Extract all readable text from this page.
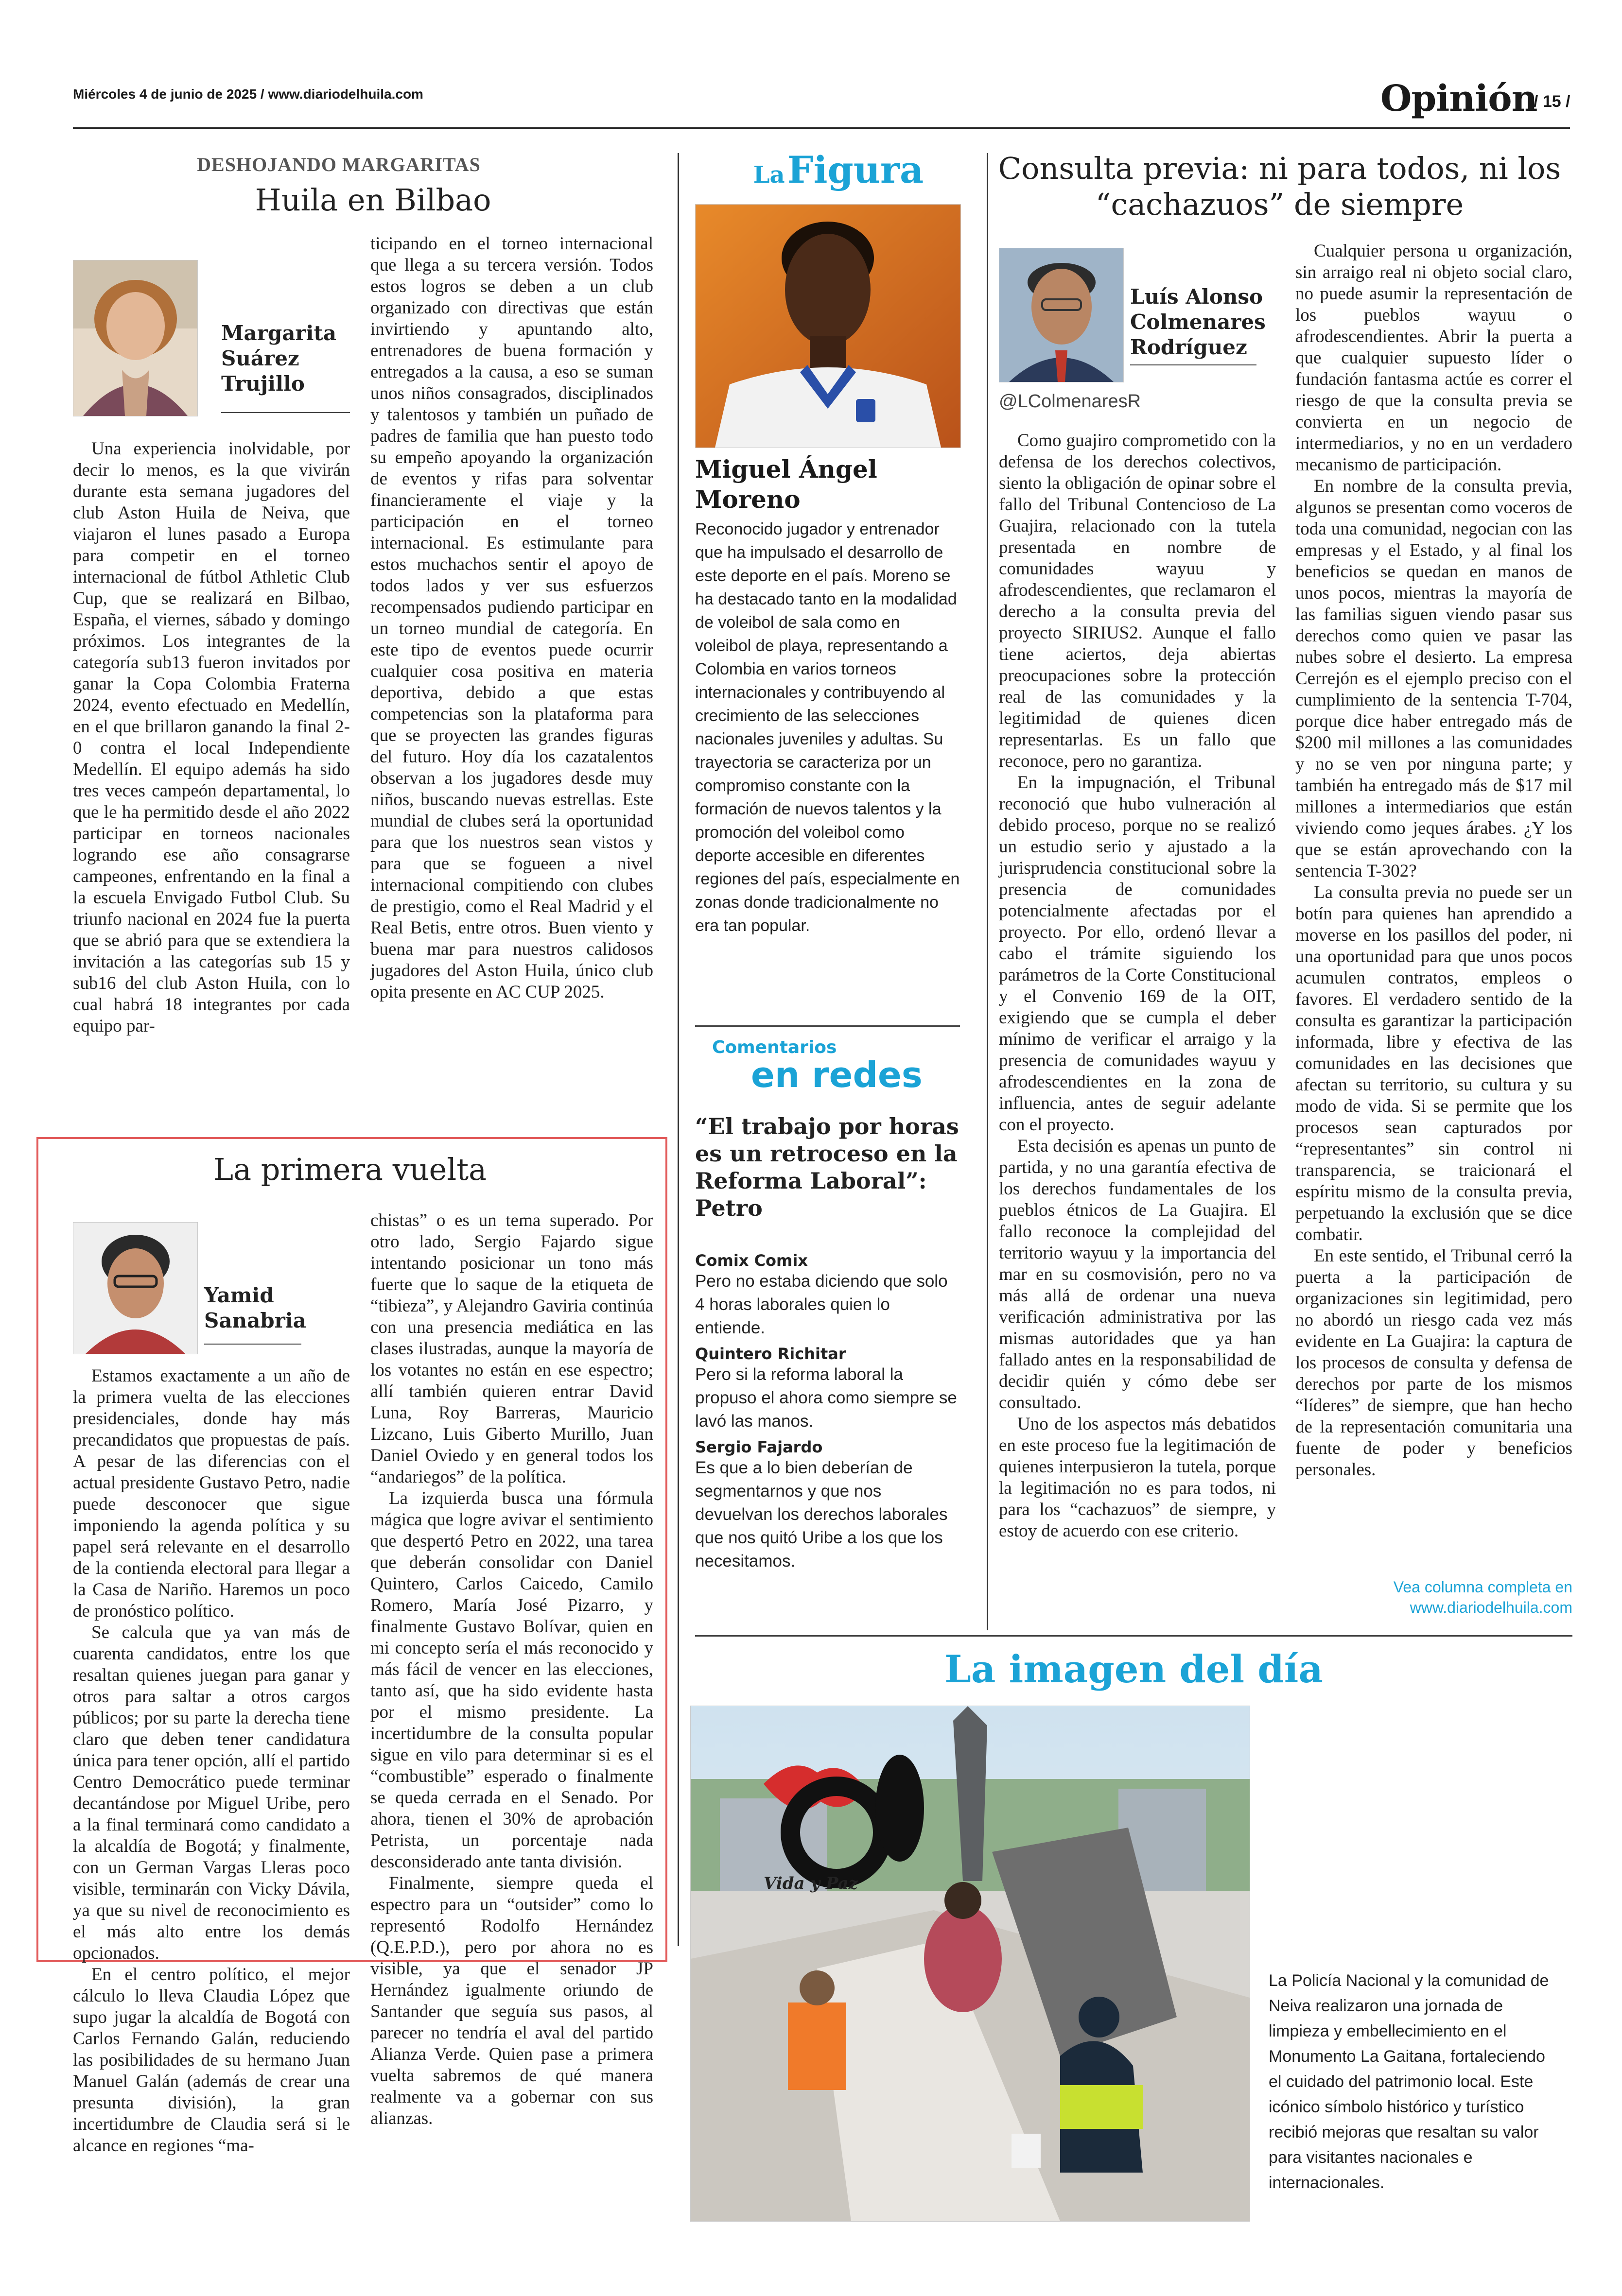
Miércoles 4 de junio de 2025 / www.diariodelhuila.com	Opinión
/ 15 /
DESHOJANDO MARGARITAS
Huila en Bilbao
Margarita
Suárez
Trujillo

Una experiencia inolvidable, por decir lo menos, es la que vivirán durante esta semana jugadores del club Aston Huila de Neiva, que viajaron el lunes pasado a Europa para competir en el torneo internacional de fútbol Athletic Club Cup, que se realizará en Bilbao, España, el viernes, sábado y domingo próximos. Los integrantes de la categoría sub13 fueron invitados por ganar la Copa Colombia Fraterna 2024, evento efectuado en Medellín, en el que brillaron ganando la final 2-0 contra el local Independiente Medellín. El equipo además ha sido tres veces campeón departamental, lo que le ha permitido desde el año 2022 participar en torneos nacionales logrando ese año consagrarse campeones, enfrentando en la final a la escuela Envigado Futbol Club. Su triunfo nacional en 2024 fue la puerta que se abrió para que se extendiera la invitación a las categorías sub 15 y sub16 del club Aston Huila, con lo cual habrá 18 integrantes por cada equipo par-

ticipando en el torneo internacional que llega a su tercera versión. Todos estos logros se deben a un club organizado con directivas que están invirtiendo y apuntando alto, entrenadores de buena formación y entregados a la causa, a eso se suman unos niños consagrados, disciplinados y talentosos y también un puñado de padres de familia que han puesto todo su empeño apoyando la organización de eventos y rifas para solventar financieramente el viaje y la participación en el torneo internacional. Es estimulante para estos muchachos sentir el apoyo de todos lados y ver sus esfuerzos recompensados pudiendo participar en un torneo mundial de categoría. En este tipo de eventos puede ocurrir cualquier cosa positiva en materia deportiva, debido a que estas competencias son la plataforma para que se proyecten las grandes figuras del futuro. Hoy día los cazatalentos observan a los jugadores desde muy niños, buscando nuevas estrellas. Este mundial de clubes será la oportunidad para que los nuestros sean vistos y para que se fogueen a nivel internacional compitiendo con clubes de prestigio, como el Real Madrid y el Real Betis, entre otros. Buen viento y buena mar para nuestros calidosos jugadores del Aston Huila, único club opita presente en AC CUP 2025.

La primera vuelta
Yamid
Sanabria

Estamos exactamente a un año de la primera vuelta de las elecciones presidenciales, donde hay más precandidatos que propuestas de país. A pesar de las diferencias con el actual presidente Gustavo Petro, nadie puede desconocer que sigue imponiendo la agenda política y su papel será relevante en el desarrollo de la contienda electoral para llegar a la Casa de Nariño. Haremos un poco de pronóstico político.

Se calcula que ya van más de cuarenta candidatos, entre los que resaltan quienes juegan para ganar y otros para saltar a otros cargos públicos; por su parte la derecha tiene claro que deben tener candidatura única para tener opción, allí el partido Centro Democrático puede terminar decantándose por Miguel Uribe, pero a la final terminará como candidato a la alcaldía de Bogotá; y finalmente, con un German Vargas Lleras poco visible, terminarán con Vicky Dávila, ya que su nivel de reconocimiento es el más alto entre los demás opcionados.

En el centro político, el mejor cálculo lo lleva Claudia López que supo jugar la alcaldía de Bogotá con Carlos Fernando Galán, reduciendo las posibilidades de su hermano Juan Manuel Galán (además de crear una presunta división), la gran incertidumbre de Claudia será si le alcance en regiones “ma-

chistas” o es un tema superado. Por otro lado, Sergio Fajardo sigue intentando posicionar un tono más fuerte que lo saque de la etiqueta de “tibieza”, y Alejandro Gaviria continúa con una presencia mediática en las clases ilustradas, aunque la mayoría de los votantes no están en ese espectro; allí también quieren entrar David Luna, Roy Barreras, Mauricio Lizcano, Luis Giberto Murillo, Juan Daniel Oviedo y en general todos los “andariegos” de la política.

La izquierda busca una fórmula mágica que logre avivar el sentimiento que despertó Petro en 2022, una tarea que deberán consolidar con Daniel Quintero, Carlos Caicedo, Camilo Romero, María José Pizarro, y finalmente Gustavo Bolívar, quien en mi concepto sería el más reconocido y más fácil de vencer en las elecciones, tanto así, que ha sido evidente hasta por el mismo presidente. La incertidumbre de la consulta popular sigue en vilo para determinar si es el “combustible” esperado o finalmente se queda cerrada en el Senado. Por ahora, tienen el 30% de aprobación Petrista, un porcentaje nada desconsiderado ante tanta división.

Finalmente, siempre queda el espectro para un “outsider” como lo representó Rodolfo Hernández (Q.E.P.D.), pero por ahora no es visible, ya que el senador JP Hernández igualmente oriundo de Santander que seguía sus pasos, al parecer no tendría el aval del partido Alianza Verde. Quien pase a primera vuelta sabremos de qué manera realmente va a gobernar con sus alianzas.

La Figura
Miguel Ángel
Moreno

Reconocido jugador y entrenador que ha impulsado el desarrollo de este deporte en el país. Moreno se ha destacado tanto en la modalidad de voleibol de sala como en voleibol de playa, representando a Colombia en varios torneos internacionales y contribuyendo al crecimiento de las selecciones nacionales juveniles y adultas. Su trayectoria se caracteriza por un compromiso constante con la formación de nuevos talentos y la promoción del voleibol como deporte accesible en diferentes regiones del país, especialmente en zonas donde tradicionalmente no era tan popular.

Comentarios
en redes
“El trabajo por horas es un retroceso en la Reforma Laboral”: Petro
Comix Comix
Pero no estaba diciendo que solo 4 horas laborales quien lo entiende.
Quintero Richitar
Pero si la reforma laboral la propuso el ahora como siempre se lavó las manos.
Sergio Fajardo
Es que a lo bien deberían de segmentarnos y que nos devuelvan los derechos laborales que nos quitó Uribe a los que los necesitamos.
Consulta previa: ni para todos, ni los
“cachazuos” de siempre
Luís Alonso
Colmenares
Rodríguez
@LColmenaresR

Como guajiro comprometido con la defensa de los derechos colectivos, siento la obligación de opinar sobre el fallo del Tribunal Contencioso de La Guajira, relacionado con la tutela presentada en nombre de comunidades wayuu y afrodescendientes, que reclamaron el derecho a la consulta previa del proyecto SIRIUS2. Aunque el fallo tiene aciertos, deja abiertas preocupaciones sobre la protección real de las comunidades y la legitimidad de quienes dicen representarlas. Es un fallo que reconoce, pero no garantiza.

En la impugnación, el Tribunal reconoció que hubo vulneración al debido proceso, porque no se realizó un estudio serio y ajustado a la jurisprudencia constitucional sobre la presencia de comunidades potencialmente afectadas por el proyecto. Por ello, ordenó llevar a cabo el trámite siguiendo los parámetros de la Corte Constitucional y el Convenio 169 de la OIT, exigiendo que se cumpla el deber mínimo de verificar el arraigo y la presencia de comunidades wayuu y afrodescendientes en la zona de influencia, antes de seguir adelante con el proyecto.

Esta decisión es apenas un punto de partida, y no una garantía efectiva de los derechos fundamentales de los pueblos étnicos de La Guajira. El fallo reconoce la complejidad del territorio wayuu y la importancia del mar en su cosmovisión, pero no va más allá de ordenar una nueva verificación administrativa por las mismas autoridades que ya han fallado antes en la responsabilidad de decidir quién y cómo debe ser consultado.

Uno de los aspectos más debatidos en este proceso fue la legitimación de quienes interpusieron la tutela, porque la legitimación no es para todos, ni para los “cachazuos” de siempre, y estoy de acuerdo con ese criterio.

Cualquier persona u organización, sin arraigo real ni objeto social claro, no puede asumir la representación de los pueblos wayuu o afrodescendientes. Abrir la puerta a que cualquier supuesto líder o fundación fantasma actúe es correr el riesgo de que la consulta previa se convierta en un negocio de intermediarios, y no en un verdadero mecanismo de participación.

En nombre de la consulta previa, algunos se presentan como voceros de toda una comunidad, negocian con las empresas y el Estado, y al final los beneficios se quedan en manos de unos pocos, mientras la mayoría de las familias siguen viendo pasar sus derechos como quien ve pasar las nubes sobre el desierto. La empresa Cerrejón es el ejemplo preciso con el cumplimiento de la sentencia T-704, porque dice haber entregado más de $200 mil millones a las comunidades y no se ven por ninguna parte; y también ha entregado más de $17 mil millones a intermediarios que están viviendo como jeques árabes. ¿Y los que se están aprovechando con la sentencia T-302?

La consulta previa no puede ser un botín para quienes han aprendido a moverse en los pasillos del poder, ni una oportunidad para que unos pocos acumulen contratos, empleos o favores. El verdadero sentido de la consulta es garantizar la participación informada, libre y efectiva de las comunidades en las decisiones que afectan su territorio, su cultura y su modo de vida. Si se permite que los procesos sean capturados por “representantes” sin control ni transparencia, se traicionará el espíritu mismo de la consulta previa, perpetuando la exclusión que se dice combatir.

En este sentido, el Tribunal cerró la puerta a la participación de organizaciones sin legitimidad, pero no abordó un riesgo cada vez más evidente en La Guajira: la captura de los procesos de consulta y defensa de derechos por parte de los mismos “líderes” de siempre, que han hecho de la representación comunitaria una fuente de poder y beneficios personales.

Vea columna completa en
www.diariodelhuila.com
La imagen del día
Vida y Paz

La Policía Nacional y la comunidad de Neiva realizaron una jornada de limpieza y embellecimiento en el Monumento La Gaitana, fortaleciendo el cuidado del patrimonio local. Este icónico símbolo histórico y turístico recibió mejoras que resaltan su valor para visitantes nacionales e internacionales.
